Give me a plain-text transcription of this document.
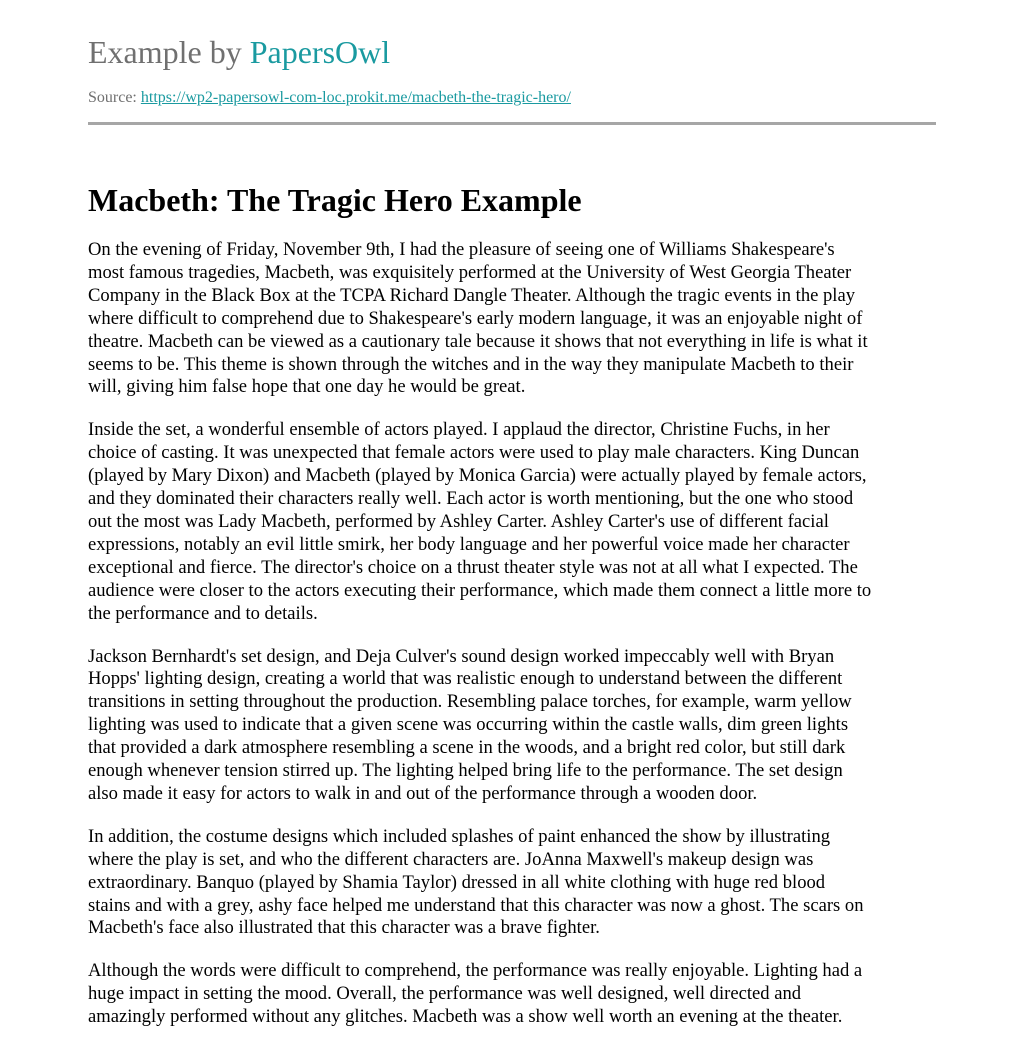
Example by PapersOwl
Source: https://wp2-papersowl-com-loc.prokit.me/macbeth-the-tragic-hero/
Macbeth: The Tragic Hero Example

On the evening of Friday, November 9th, I had the pleasure of seeing one of Williams Shakespeare's
most famous tragedies, Macbeth, was exquisitely performed at the University of West Georgia Theater
Company in the Black Box at the TCPA Richard Dangle Theater. Although the tragic events in the play
where difficult to comprehend due to Shakespeare's early modern language, it was an enjoyable night of
theatre. Macbeth can be viewed as a cautionary tale because it shows that not everything in life is what it
seems to be. This theme is shown through the witches and in the way they manipulate Macbeth to their
will, giving him false hope that one day he would be great.

Inside the set, a wonderful ensemble of actors played. I applaud the director, Christine Fuchs, in her
choice of casting. It was unexpected that female actors were used to play male characters. King Duncan
(played by Mary Dixon) and Macbeth (played by Monica Garcia) were actually played by female actors,
and they dominated their characters really well. Each actor is worth mentioning, but the one who stood
out the most was Lady Macbeth, performed by Ashley Carter. Ashley Carter's use of different facial
expressions, notably an evil little smirk, her body language and her powerful voice made her character
exceptional and fierce. The director's choice on a thrust theater style was not at all what I expected. The
audience were closer to the actors executing their performance, which made them connect a little more to
the performance and to details.

Jackson Bernhardt's set design, and Deja Culver's sound design worked impeccably well with Bryan
Hopps' lighting design, creating a world that was realistic enough to understand between the different
transitions in setting throughout the production. Resembling palace torches, for example, warm yellow
lighting was used to indicate that a given scene was occurring within the castle walls, dim green lights
that provided a dark atmosphere resembling a scene in the woods, and a bright red color, but still dark
enough whenever tension stirred up. The lighting helped bring life to the performance. The set design
also made it easy for actors to walk in and out of the performance through a wooden door.

In addition, the costume designs which included splashes of paint enhanced the show by illustrating
where the play is set, and who the different characters are. JoAnna Maxwell's makeup design was
extraordinary. Banquo (played by Shamia Taylor) dressed in all white clothing with huge red blood
stains and with a grey, ashy face helped me understand that this character was now a ghost. The scars on
Macbeth's face also illustrated that this character was a brave fighter.

Although the words were difficult to comprehend, the performance was really enjoyable. Lighting had a
huge impact in setting the mood. Overall, the performance was well designed, well directed and
amazingly performed without any glitches. Macbeth was a show well worth an evening at the theater.
